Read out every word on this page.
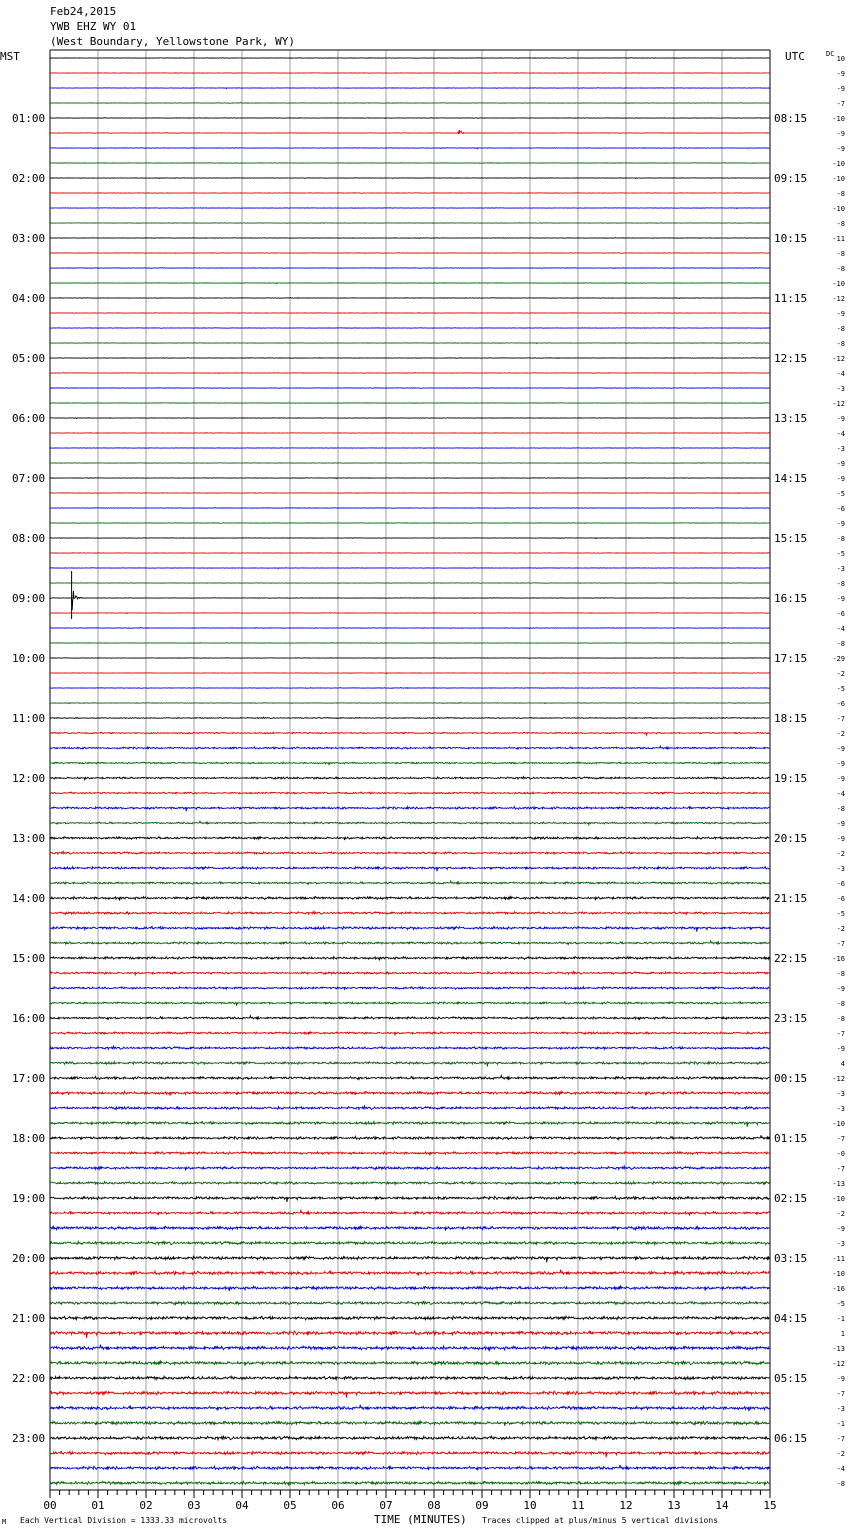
01:00
02:00
03:00
04:00
05:00
06:00
07:00
08:00
09:00
10:00
11:00
12:00
13:00
14:00
15:00
16:00
17:00
18:00
19:00
20:00
21:00
22:00
23:00
08:15
09:15
10:15
11:15
12:15
13:15
14:15
15:15
16:15
17:15
18:15
19:15
20:15
21:15
22:15
23:15
00:15
01:15
02:15
03:15
04:15
05:15
06:15
10
-9
-9
-7
-10
-9
-9
-10
-10
-8
-10
-8
-11
-8
-8
-10
-12
-9
-8
-8
-12
-4
-3
-12
-9
-4
-3
-9
-9
-5
-6
-9
-8
-5
-3
-8
-9
-6
-4
-8
-29
-2
-5
-6
-7
-2
-9
-9
-9
-4
-8
-9
-9
-2
-3
-6
-6
-5
-2
-7
-16
-8
-9
-8
-8
-7
-9
4
-12
-3
-3
-10
-7
-0
-7
-13
-10
-2
-9
-3
-11
-10
-16
-5
-1
1
-13
-12
-9
-7
-3
-1
-7
-2
-4
-8
00	01	02	03	04	05	06	07	08	09	10	11	12	13	14	15
Feb24,2015
YWB EHZ WY 01
(West Boundary, Yellowstone Park, WY)
MST	UTC	DC
M Each Vertical Division = 1333.33 microvolts	TIME (MINUTES) Traces clipped at plus/minus 5 vertical divisions
